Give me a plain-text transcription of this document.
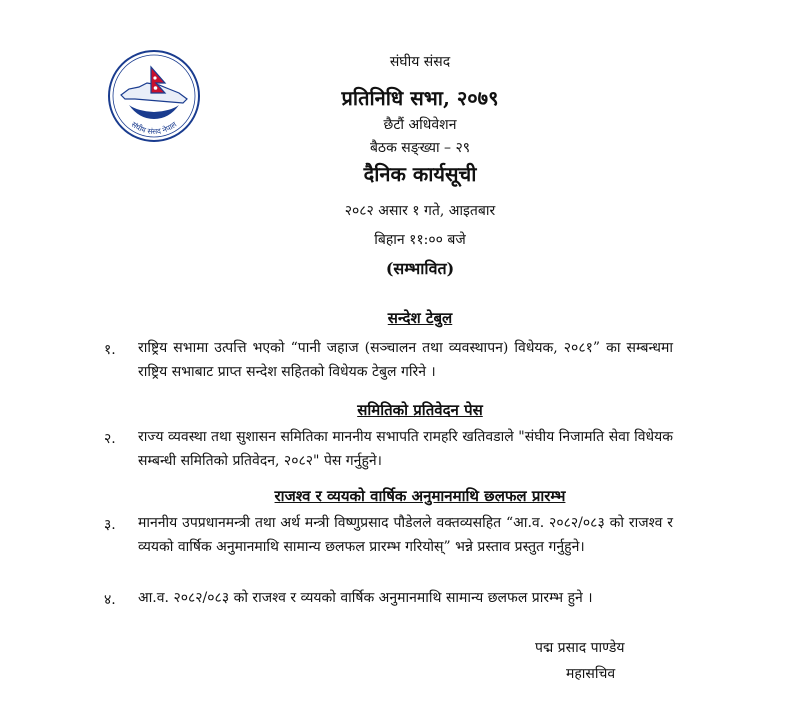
संघीय संसद नेपाल
संघीय संसद
प्रतिनिधि सभा, २०७९
छैटौं अधिवेशन
बैठक सङ्ख्या – २९
दैनिक कार्यसूची
२०८२ असार १ गते, आइतबार
बिहान ११:०० बजे
(सम्भावित)
सन्देश टेबुल
१. राष्ट्रिय सभामा उत्पत्ति भएको “पानी जहाज (सञ्चालन तथा व्यवस्थापन) विधेयक, २०८१” का सम्बन्धमा राष्ट्रिय सभाबाट प्राप्त सन्देश सहितको विधेयक टेबुल गरिने ।
समितिको प्रतिवेदन पेस
२. राज्य व्यवस्था तथा सुशासन समितिका माननीय सभापति रामहरि खतिवडाले "संघीय निजामति सेवा विधेयक सम्बन्धी समितिको प्रतिवेदन, २०८२" पेस गर्नुहुने।
राजश्व र व्ययको वार्षिक अनुमानमाथि छलफल प्रारम्भ
३. माननीय उपप्रधानमन्त्री तथा अर्थ मन्त्री विष्णुप्रसाद पौडेलले वक्तव्यसहित “आ.व. २०८२/०८३ को राजश्व र व्ययको वार्षिक अनुमानमाथि सामान्य छलफल प्रारम्भ गरियोस्” भन्ने प्रस्ताव प्रस्तुत गर्नुहुने।
४. आ.व. २०८२/०८३ को राजश्व र व्ययको वार्षिक अनुमानमाथि सामान्य छलफल प्रारम्भ हुने ।
पद्म प्रसाद पाण्डेय
महासचिव
